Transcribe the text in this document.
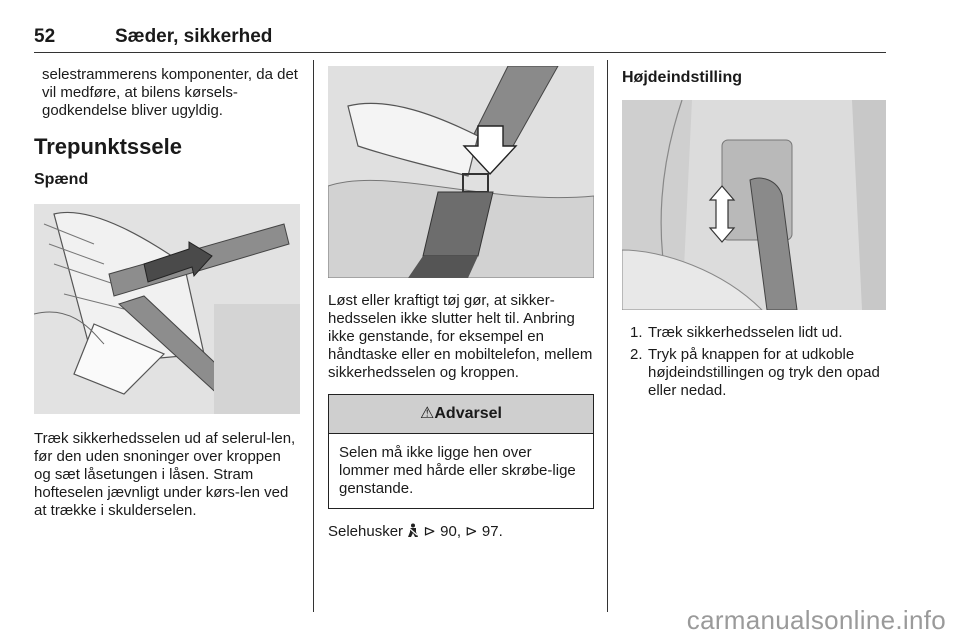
52	Sæder, sikkerhed

selestrammerens komponenter, da det vil medføre, at bilens kørsels-godkendelse bliver ugyldig.

Trepunktssele
Spænd

Træk sikkerhedsselen ud af selerul-len, før den uden snoninger over kroppen og sæt låsetungen i låsen. Stram hofteselen jævnligt under kørs-len ved at trække i skulderselen.

Løst eller kraftigt tøj gør, at sikker-hedsselen ikke slutter helt til. Anbring ikke genstande, for eksempel en håndtaske eller en mobiltelefon, mellem sikkerhedsselen og kroppen.

⚠Advarsel
Selen må ikke ligge hen over lommer med hårde eller skrøbe-lige genstande.

Selehusker  ⊳ 90, ⊳ 97.

Højdeindstilling
1. Træk sikkerhedsselen lidt ud.
2. Tryk på knappen for at udkoble højdeindstillingen og tryk den opad eller nedad.
carmanualsonline.info
